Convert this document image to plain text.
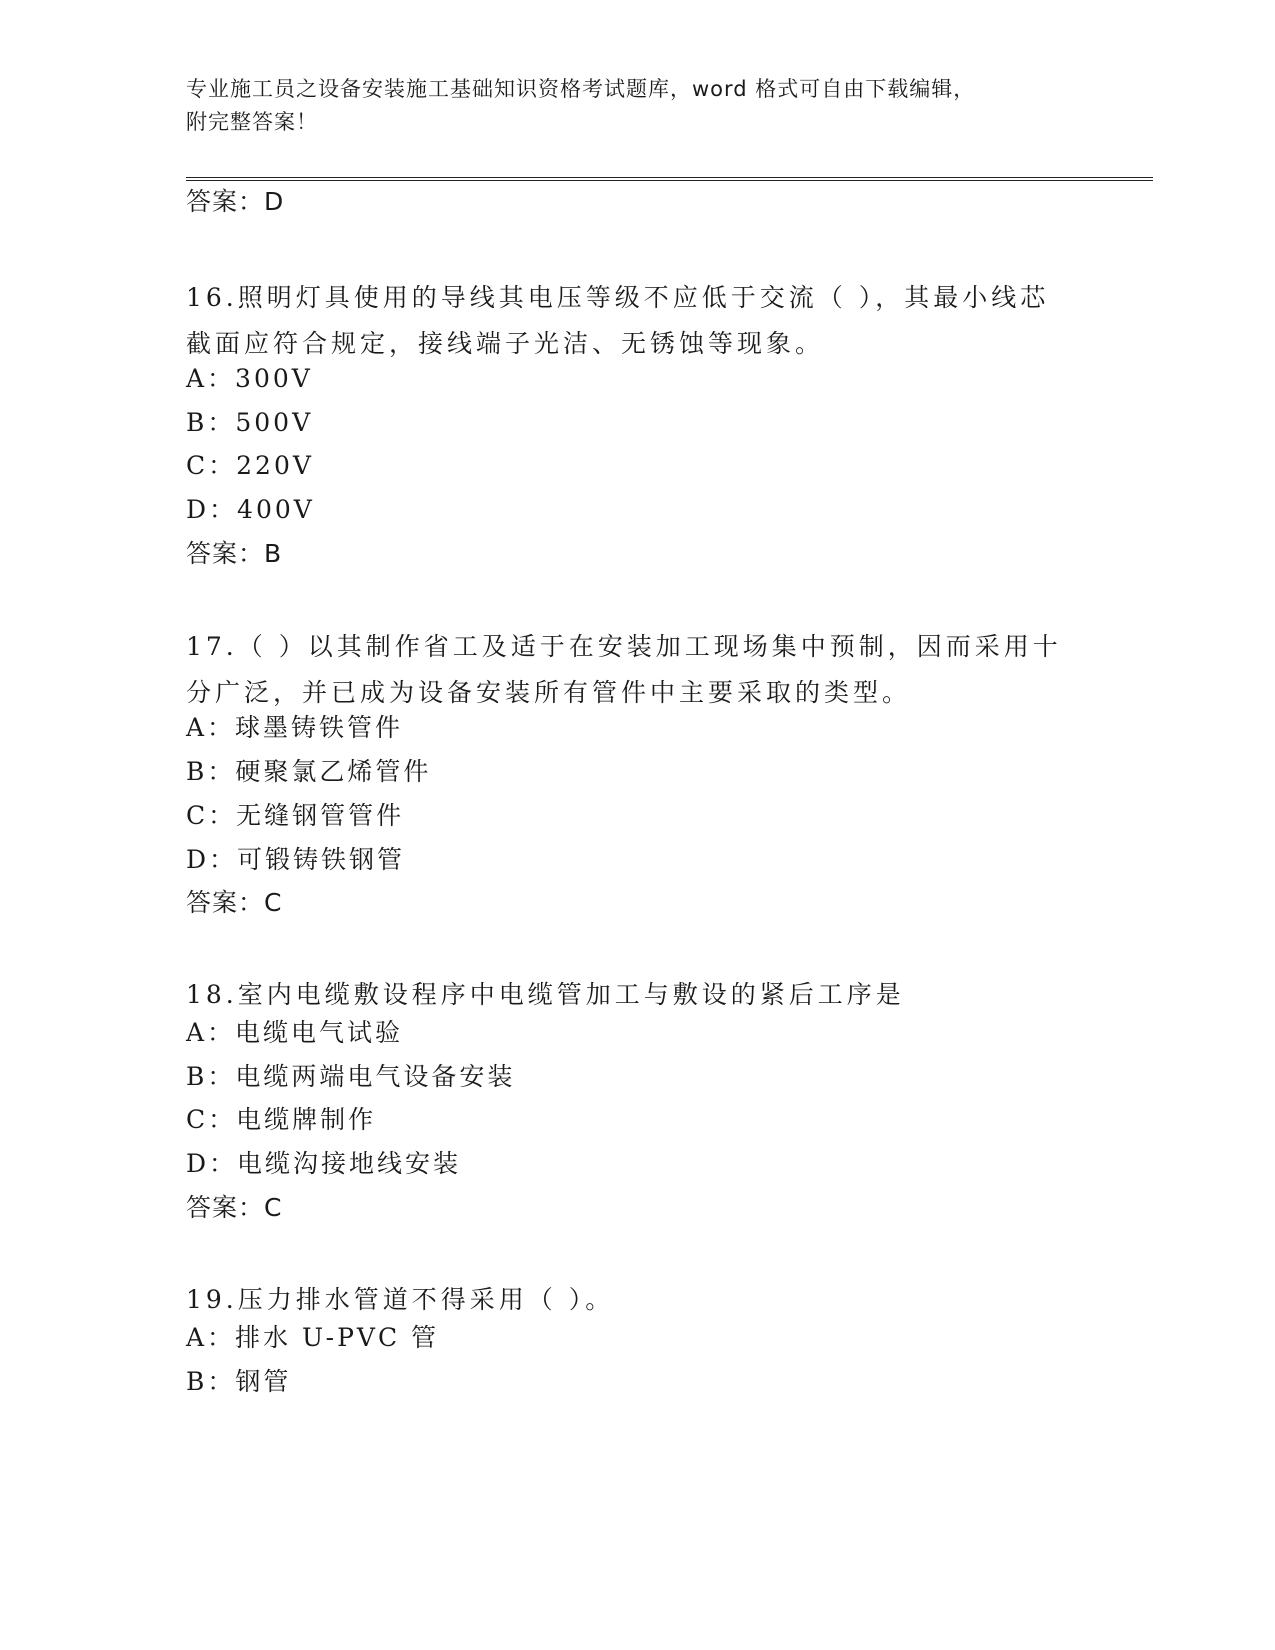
专业施工员之设备安装施工基础知识资格考试题库，word 格式可自由下载编辑，
附完整答案！
答案：D
16.照明灯具使用的导线其电压等级不应低于交流（ ），其最小线芯
截面应符合规定，接线端子光洁、无锈蚀等现象。
A：300V
B：500V
C：220V
D：400V
答案：B
17.（ ）以其制作省工及适于在安装加工现场集中预制，因而采用十
分广泛，并已成为设备安装所有管件中主要采取的类型。
A：球墨铸铁管件
B：硬聚氯乙烯管件
C：无缝钢管管件
D：可锻铸铁钢管
答案：C
18.室内电缆敷设程序中电缆管加工与敷设的紧后工序是
A：电缆电气试验
B：电缆两端电气设备安装
C：电缆牌制作
D：电缆沟接地线安装
答案：C
19.压力排水管道不得采用（ ）。
A：排水 U-PVC 管
B：钢管
